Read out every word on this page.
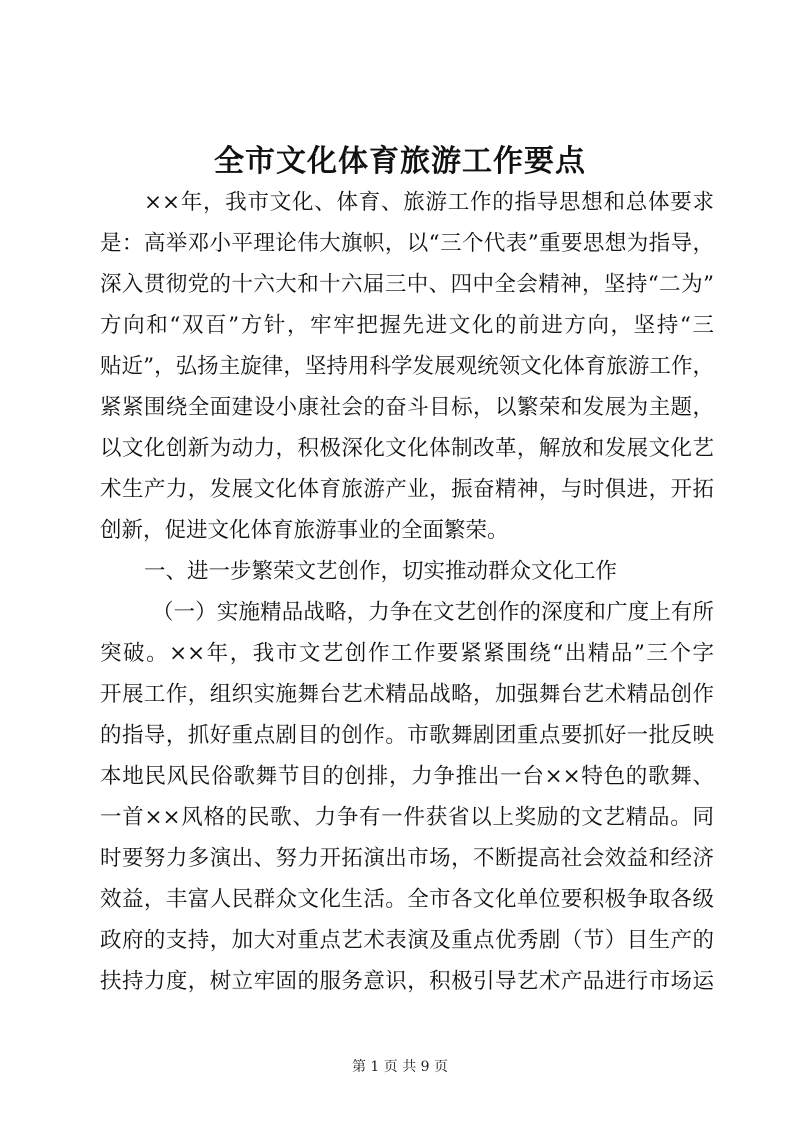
全市文化体育旅游工作要点
××年，我市文化、体育、旅游工作的指导思想和总体要求
是：高举邓小平理论伟大旗帜，以“三个代表”重要思想为指导，
深入贯彻党的十六大和十六届三中、四中全会精神，坚持“二为”
方向和“双百”方针，牢牢把握先进文化的前进方向，坚持“三
贴近”，弘扬主旋律，坚持用科学发展观统领文化体育旅游工作，
紧紧围绕全面建设小康社会的奋斗目标，以繁荣和发展为主题，
以文化创新为动力，积极深化文化体制改革，解放和发展文化艺
术生产力，发展文化体育旅游产业，振奋精神，与时俱进，开拓
创新，促进文化体育旅游事业的全面繁荣。
一、进一步繁荣文艺创作，切实推动群众文化工作
（一）实施精品战略，力争在文艺创作的深度和广度上有所
突破。××年，我市文艺创作工作要紧紧围绕“出精品”三个字
开展工作，组织实施舞台艺术精品战略，加强舞台艺术精品创作
的指导，抓好重点剧目的创作。市歌舞剧团重点要抓好一批反映
本地民风民俗歌舞节目的创排，力争推出一台××特色的歌舞、
一首××风格的民歌、力争有一件获省以上奖励的文艺精品。同
时要努力多演出、努力开拓演出市场，不断提高社会效益和经济
效益，丰富人民群众文化生活。全市各文化单位要积极争取各级
政府的支持，加大对重点艺术表演及重点优秀剧（节）目生产的
扶持力度，树立牢固的服务意识，积极引导艺术产品进行市场运
第 1 页 共 9 页
